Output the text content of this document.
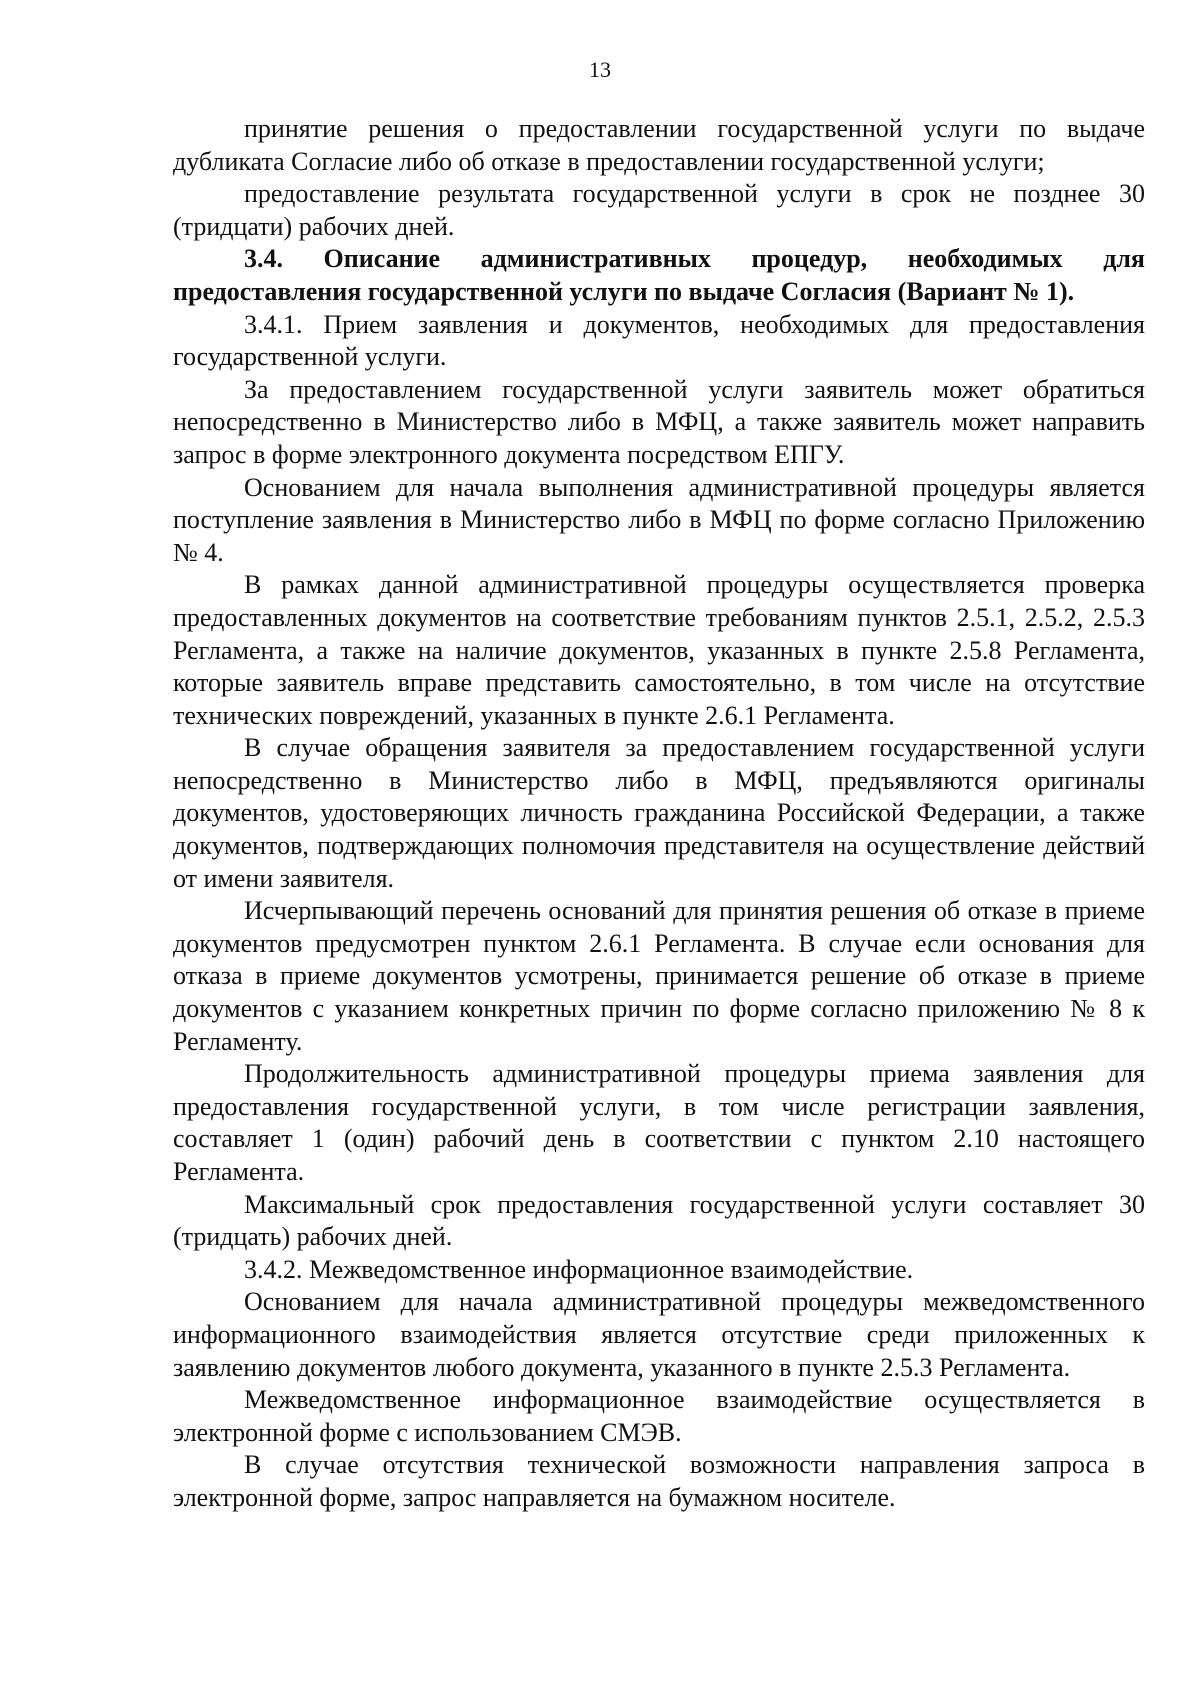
13

принятие решения о предоставлении государственной услуги по выдаче дубликата Согласие либо об отказе в предоставлении государственной услуги;

предоставление результата государственной услуги в срок не позднее 30 (тридцати) рабочих дней.

3.4. Описание административных процедур, необходимых для предоставления государственной услуги по выдаче Согласия (Вариант № 1).

3.4.1. Прием заявления и документов, необходимых для предоставления государственной услуги.

За предоставлением государственной услуги заявитель может обратиться непосредственно в Министерство либо в МФЦ, а также заявитель может направить запрос в форме электронного документа посредством ЕПГУ.

Основанием для начала выполнения административной процедуры является поступление заявления в Министерство либо в МФЦ по форме согласно Приложению № 4.

В рамках данной административной процедуры осуществляется проверка предоставленных документов на соответствие требованиям пунктов 2.5.1, 2.5.2, 2.5.3 Регламента, а также на наличие документов, указанных в пункте 2.5.8 Регламента, которые заявитель вправе представить самостоятельно, в том числе на отсутствие технических повреждений, указанных в пункте 2.6.1 Регламента.

В случае обращения заявителя за предоставлением государственной услуги непосредственно в Министерство либо в МФЦ, предъявляются оригиналы документов, удостоверяющих личность гражданина Российской Федерации, а также документов, подтверждающих полномочия представителя на осуществление действий от имени заявителя.

Исчерпывающий перечень оснований для принятия решения об отказе в приеме документов предусмотрен пунктом 2.6.1 Регламента. В случае если основания для отказа в приеме документов усмотрены, принимается решение об отказе в приеме документов с указанием конкретных причин по форме согласно приложению № 8 к Регламенту.

Продолжительность административной процедуры приема заявления для предоставления государственной услуги, в том числе регистрации заявления, составляет 1 (один) рабочий день в соответствии с пунктом 2.10 настоящего Регламента.

Максимальный срок предоставления государственной услуги составляет 30 (тридцать) рабочих дней.

3.4.2. Межведомственное информационное взаимодействие.

Основанием для начала административной процедуры межведомственного информационного взаимодействия является отсутствие среди приложенных к заявлению документов любого документа, указанного в пункте 2.5.3 Регламента.

Межведомственное информационное взаимодействие осуществляется в электронной форме с использованием СМЭВ.

В случае отсутствия технической возможности направления запроса в электронной форме, запрос направляется на бумажном носителе.
